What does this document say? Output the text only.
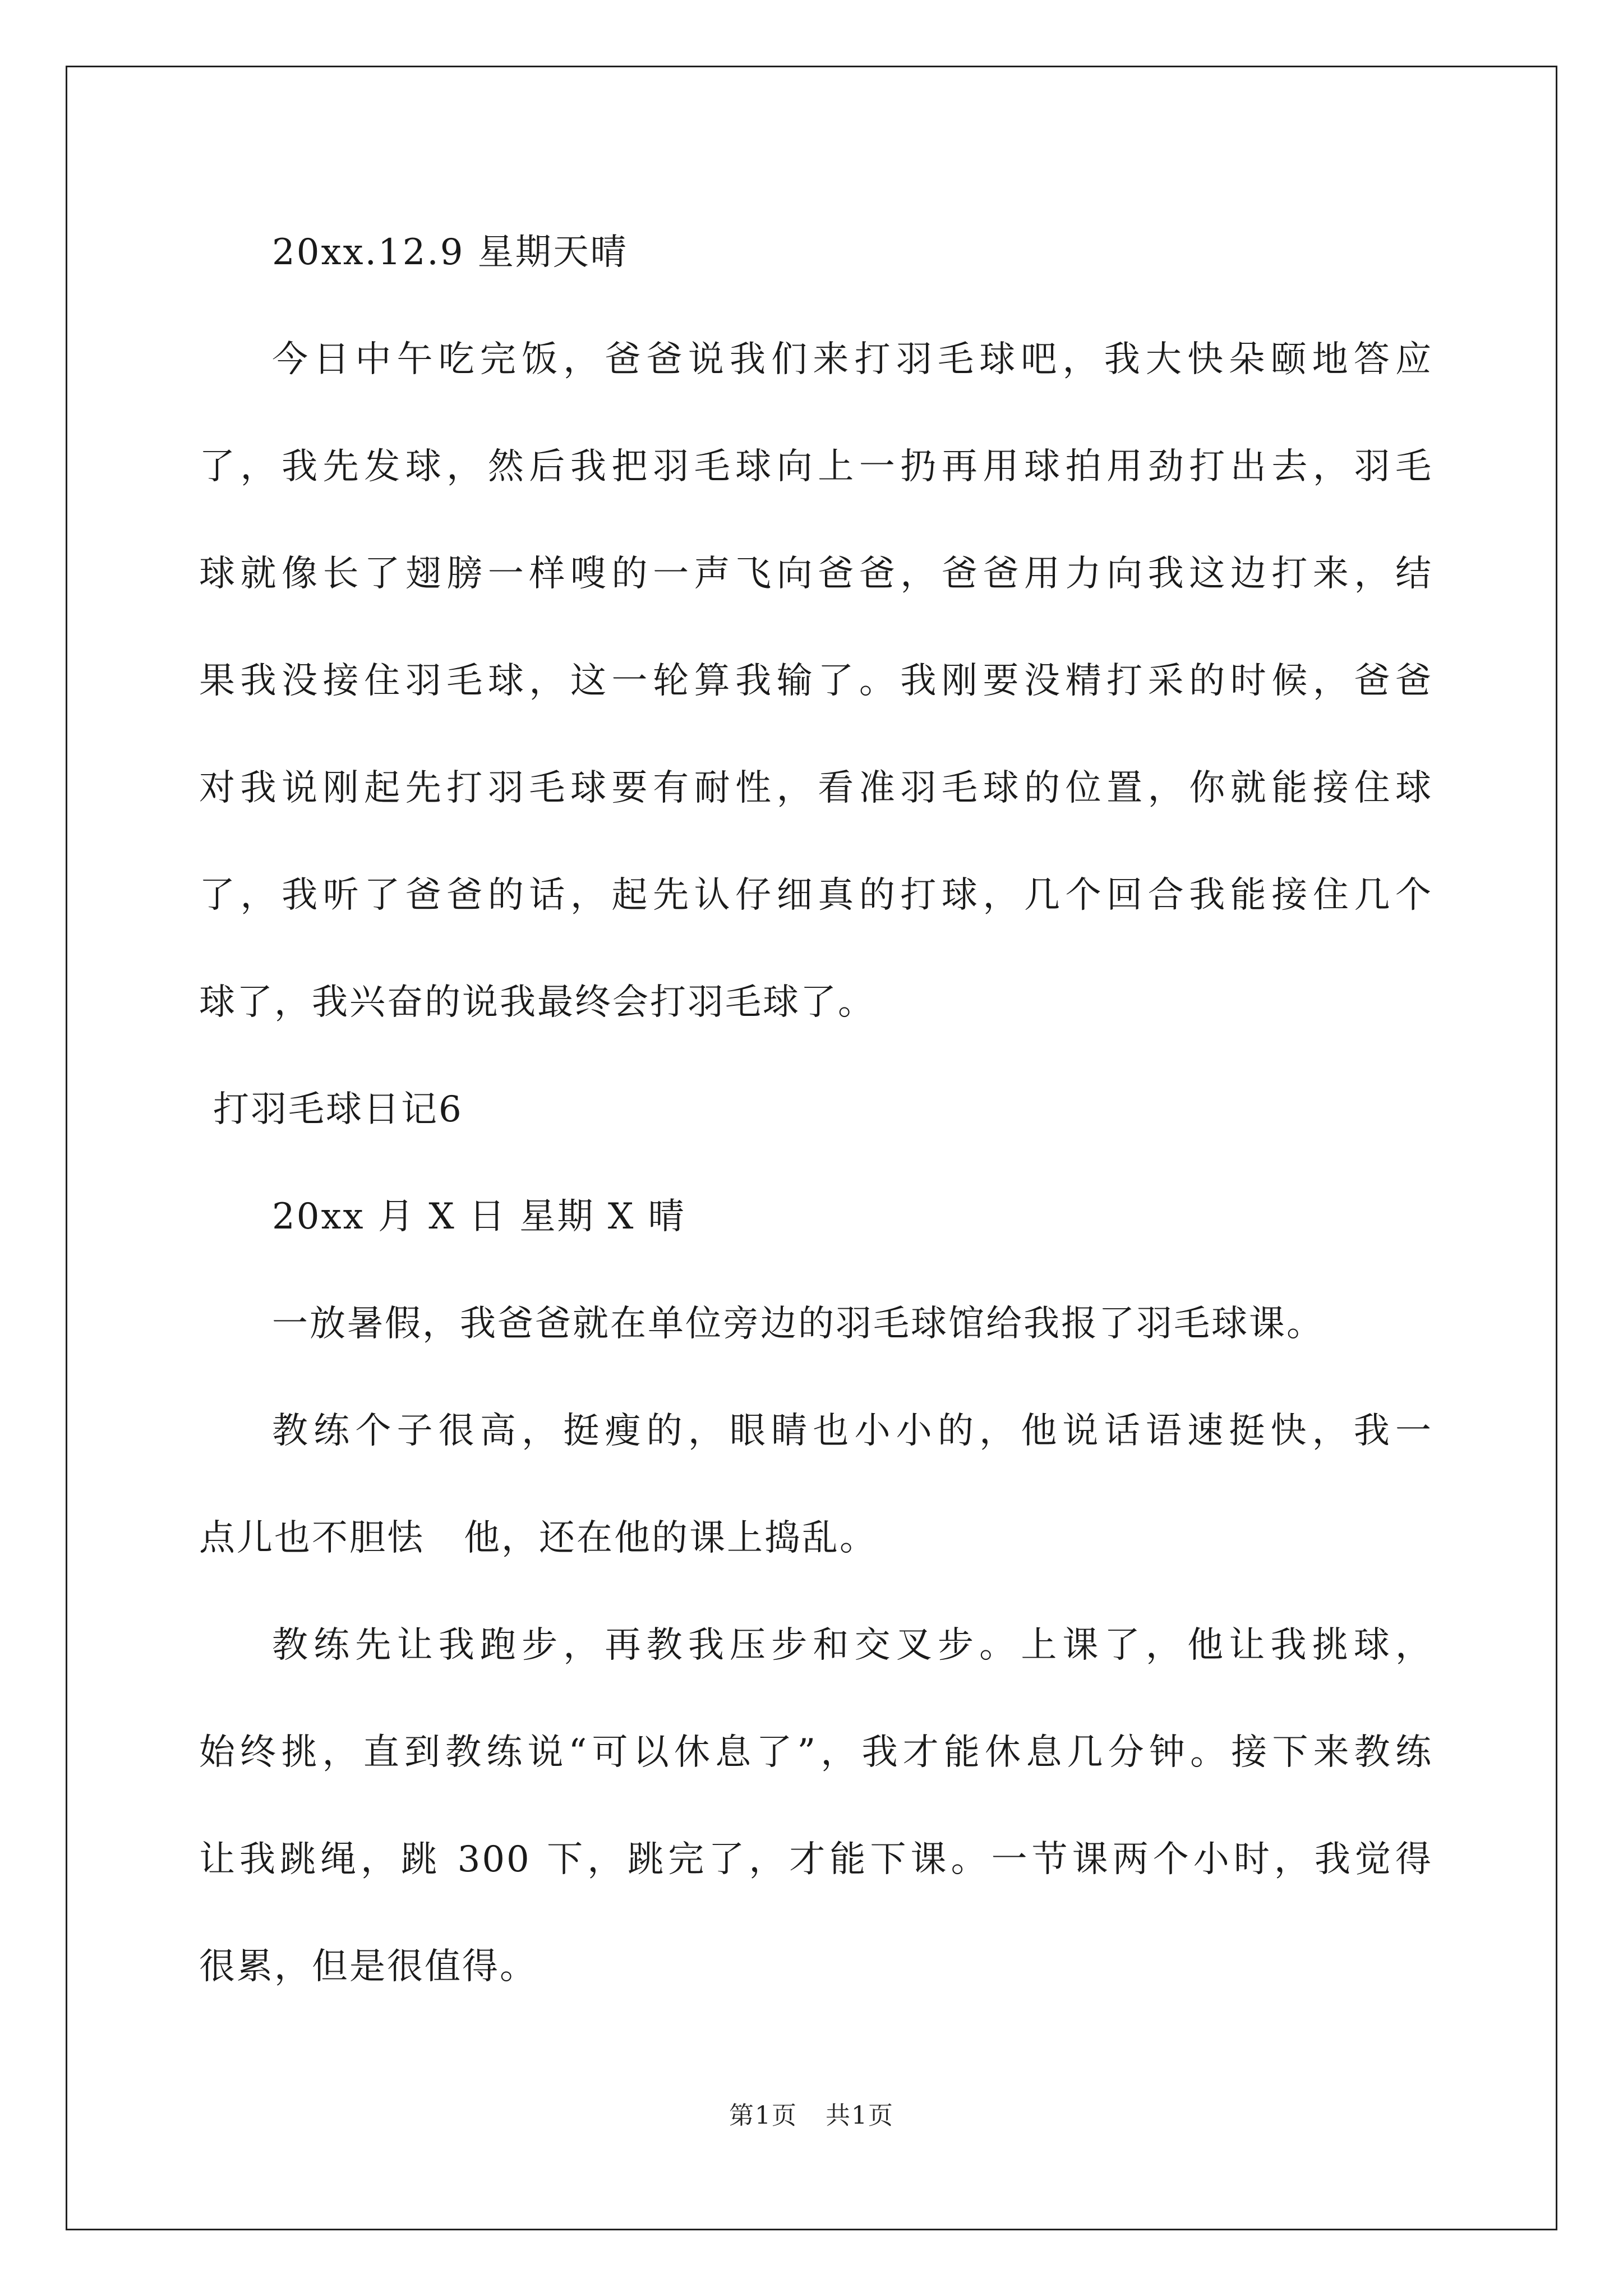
20xx.12.9 星期天晴
今日中午吃完饭，爸爸说我们来打羽毛球吧，我大快朵颐地答应
了，我先发球，然后我把羽毛球向上一扔再用球拍用劲打出去，羽毛
球就像长了翅膀一样嗖的一声飞向爸爸，爸爸用力向我这边打来，结
果我没接住羽毛球，这一轮算我输了。我刚要没精打采的时候，爸爸
对我说刚起先打羽毛球要有耐性，看准羽毛球的位置，你就能接住球
了，我听了爸爸的话，起先认仔细真的打球，几个回合我能接住几个
球了，我兴奋的说我最终会打羽毛球了。
打羽毛球日记6
20xx 月 X 日 星期 X 晴
一放暑假，我爸爸就在单位旁边的羽毛球馆给我报了羽毛球课。
教练个子很高，挺瘦的，眼睛也小小的，他说话语速挺快，我一
点儿也不胆怯   他，还在他的课上捣乱。
教练先让我跑步，再教我压步和交叉步。上课了，他让我挑球，
始终挑，直到教练说“可以休息了”，我才能休息几分钟。接下来教练
让我跳绳，跳 300 下，跳完了，才能下课。一节课两个小时，我觉得
很累，但是很值得。
第1页 共1页
